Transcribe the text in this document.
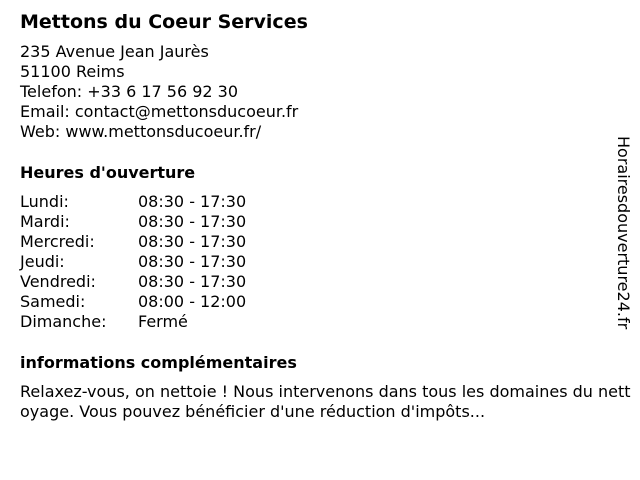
Mettons du Coeur Services
235 Avenue Jean Jaurès
51100 Reims
Telefon: +33 6 17 56 92 30
Email: contact@mettonsducoeur.fr
Web: www.mettonsducoeur.fr/
Heures d'ouverture
Lundi:	08:30 - 17:30
Mardi:	08:30 - 17:30
Mercredi:	08:30 - 17:30
Jeudi:	08:30 - 17:30
Vendredi:	08:30 - 17:30
Samedi:	08:00 - 12:00
Dimanche:	Fermé
informations complémentaires
Relaxez-vous, on nettoie ! Nous intervenons dans tous les domaines du nettoyage. Vous pouvez bénéficier d'une réduction d'impôts...
Horairesdouverture24.fr
